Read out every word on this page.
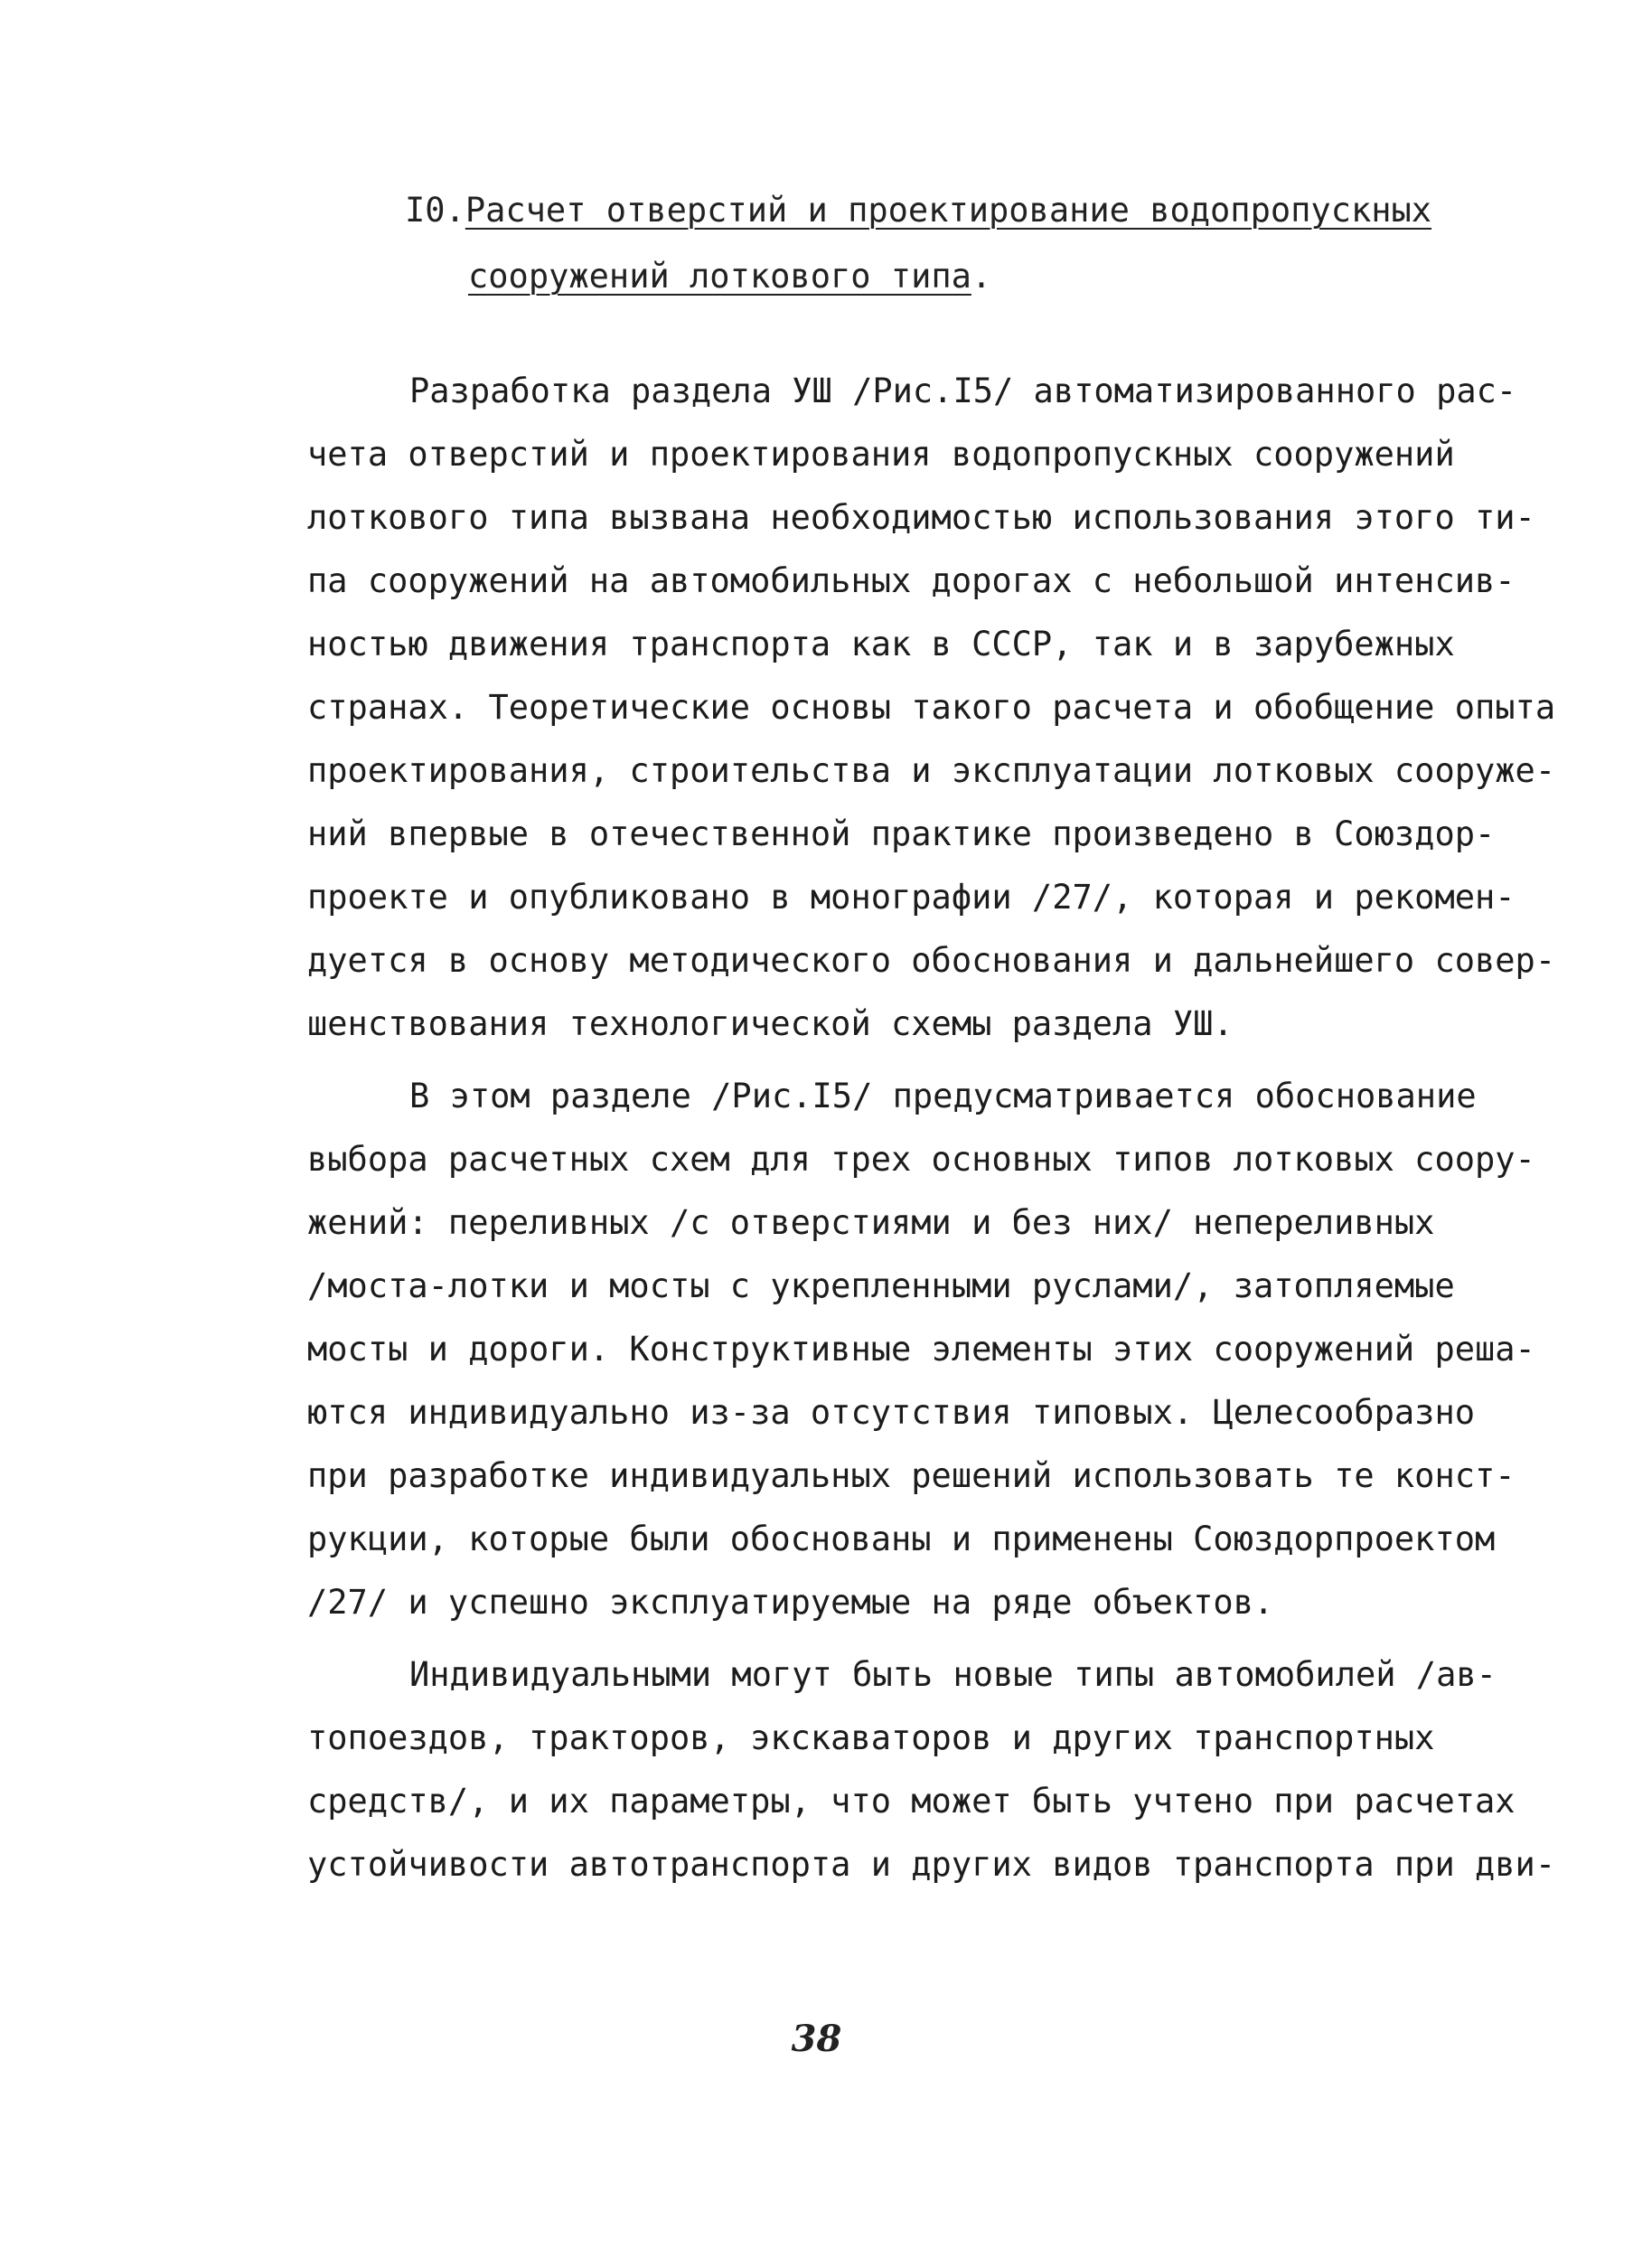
I0.Расчет отверстий и проектирование водопропускных
сооружений лоткового типа.
Разработка раздела УШ /Рис.I5/ автоматизированного рас-
чета отверстий и проектирования водопропускных сооружений
лоткового типа вызвана необходимостью использования этого ти-
па сооружений на автомобильных дорогах с небольшой интенсив-
ностью движения транспорта как в СССР, так и в зарубежных
странах. Теоретические основы такого расчета и обобщение опыта
проектирования, строительства и эксплуатации лотковых сооруже-
ний впервые в отечественной практике произведено в Союздор-
проекте и опубликовано в монографии /27/, которая и рекомен-
дуется в основу методического обоснования и дальнейшего совер-
шенствования технологической схемы раздела УШ.
В этом разделе /Рис.I5/ предусматривается обоснование
выбора расчетных схем для трех основных типов лотковых соору-
жений: переливных /с отверстиями и без них/ непереливных
/моста-лотки и мосты с укрепленными руслами/, затопляемые
мосты и дороги. Конструктивные элементы этих сооружений реша-
ются индивидуально из-за отсутствия типовых. Целесообразно
при разработке индивидуальных решений использовать те конст-
рукции, которые были обоснованы и применены Союздорпроектом
/27/ и успешно эксплуатируемые на ряде объектов.
Индивидуальными могут быть новые типы автомобилей /ав-
топоездов, тракторов, экскаваторов и других транспортных
средств/, и их параметры, что может быть учтено при расчетах
устойчивости автотранспорта и других видов транспорта при дви-
38
